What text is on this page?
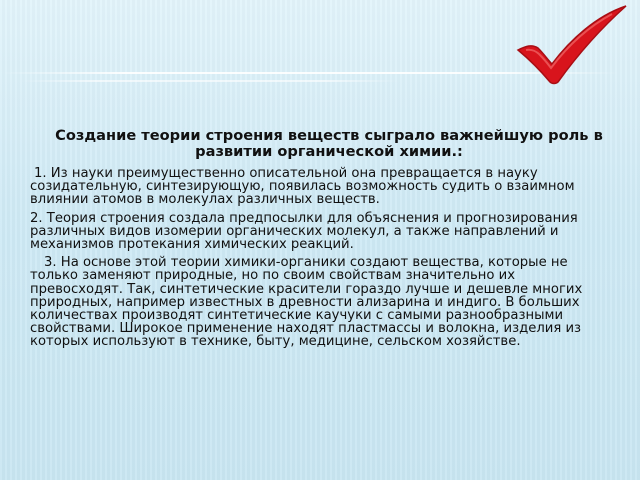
Создание теории строения веществ сыграло важнейшую роль в развитии органической химии.:

1. Из науки преимущественно описательной она превращается в науку созидательную, синтезирующую, появилась возможность судить о взаимном влиянии атомов в молекулах различных веществ.

2. Теория строения создала предпосылки для объяснения и прогнозирования различных видов изомерии органических молекул, а также направлений и механизмов протекания химических реакций.

3. На основе этой теории химики-органики создают вещества, которые не только заменяют природные, но по своим свойствам значительно их превосходят. Так, синтетические красители гораздо лучше и дешевле многих природных, например известных в древности ализарина и индиго. В больших количествах производят синтетические каучуки с самыми разнообразными свойствами. Широкое применение находят пластмассы и волокна, изделия из которых используют в технике, быту, медицине, сельском хозяйстве.
